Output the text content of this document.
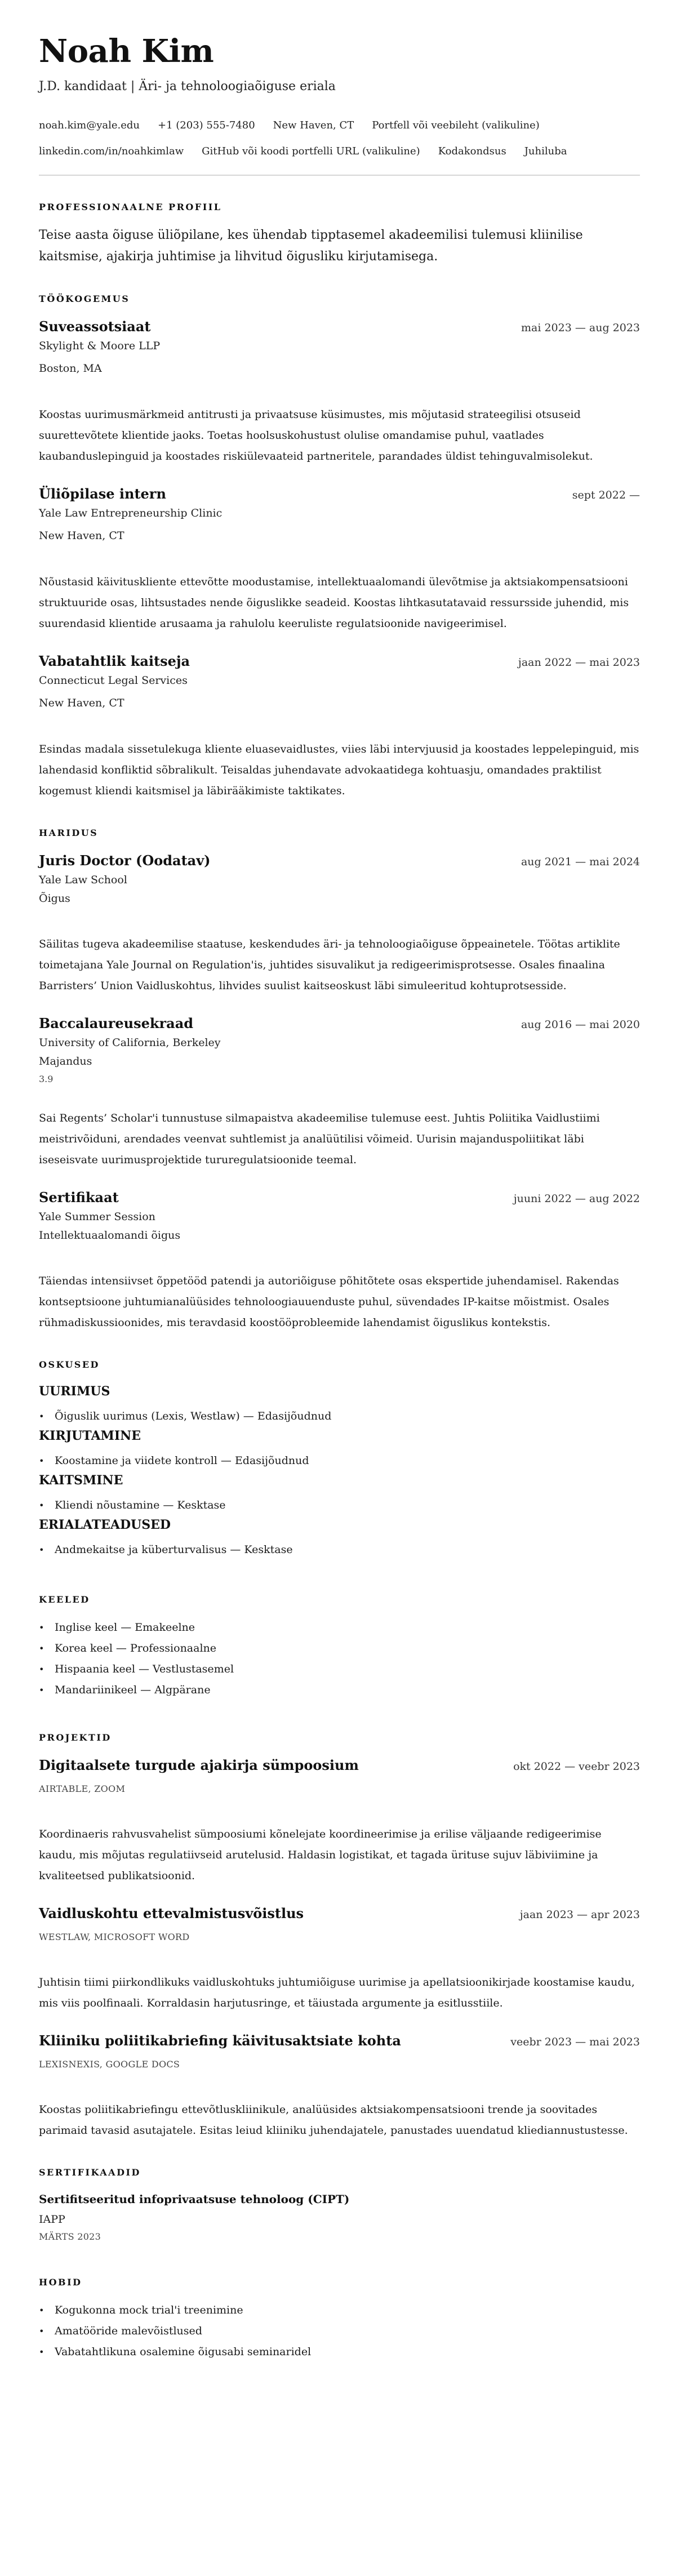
Noah Kim
J.D. kandidaat | Äri- ja tehnoloogiaõiguse eriala
noah.kim@yale.edu +1 (203) 555-7480 New Haven, CT Portfell või veebileht (valikuline)
linkedin.com/in/noahkimlaw GitHub või koodi portfelli URL (valikuline) Kodakondsus Juhiluba
PROFESSIONAALNE PROFIIL

Teise aasta õiguse üliõpilane, kes ühendab tipptasemel akadeemilisi tulemusi kliinilise kaitsmise, ajakirja juhtimise ja lihvitud õigusliku kirjutamisega.

TÖÖKOGEMUS
Suveassotsiaat	mai 2023 — aug 2023
Skylight & Moore LLP
Boston, MA

Koostas uurimusmärkmeid antitrusti ja privaatsuse küsimustes, mis mõjutasid strateegilisi otsuseid suurettevõtete klientide jaoks. Toetas hoolsuskohustust olulise omandamise puhul, vaatlades kaubanduslepinguid ja koostades riskiülevaateid partneritele, parandades üldist tehinguvalmisolekut.

Üliõpilase intern	sept 2022 —
Yale Law Entrepreneurship Clinic
New Haven, CT

Nõustasid käivituskliente ettevõtte moodustamise, intellektuaalomandi ülevõtmise ja aktsiakompensatsiooni struktuuride osas, lihtsustades nende õiguslikke seadeid. Koostas lihtkasutatavaid ressursside juhendid, mis suurendasid klientide arusaama ja rahulolu keeruliste regulatsioonide navigeerimisel.

Vabatahtlik kaitseja	jaan 2022 — mai 2023
Connecticut Legal Services
New Haven, CT

Esindas madala sissetulekuga kliente eluasevaidlustes, viies läbi intervjuusid ja koostades leppelepinguid, mis lahendasid konfliktid sõbralikult. Teisaldas juhendavate advokaatidega kohtuasju, omandades praktilist kogemust kliendi kaitsmisel ja läbirääkimiste taktikates.

HARIDUS
Juris Doctor (Oodatav)	aug 2021 — mai 2024
Yale Law School
Õigus

Säilitas tugeva akadeemilise staatuse, keskendudes äri- ja tehnoloogiaõiguse õppeainetele. Töötas artiklite toimetajana Yale Journal on Regulation'is, juhtides sisuvalikut ja redigeerimisprotsesse. Osales finaalina Barristers’ Union Vaidluskohtus, lihvides suulist kaitseoskust läbi simuleeritud kohtuprotsesside.

Baccalaureusekraad	aug 2016 — mai 2020
University of California, Berkeley
Majandus
3.9

Sai Regents’ Scholar'i tunnustuse silmapaistva akadeemilise tulemuse eest. Juhtis Poliitika Vaidlustiimi meistrivõiduni, arendades veenvat suhtlemist ja analüütilisi võimeid. Uurisin majanduspoliitikat läbi iseseisvate uurimusprojektide tururegulatsioonide teemal.

Sertifikaat	juuni 2022 — aug 2022
Yale Summer Session
Intellektuaalomandi õigus

Täiendas intensiivset õppetööd patendi ja autoriõiguse põhitõtete osas ekspertide juhendamisel. Rakendas kontseptsioone juhtumianalüüsides tehnoloogiauuenduste puhul, süvendades IP-kaitse mõistmist. Osales rühmadiskussioonides, mis teravdasid koostööprobleemide lahendamist õiguslikus kontekstis.

OSKUSED
UURIMUS
• Õiguslik uurimus (Lexis, Westlaw) — Edasijõudnud
KIRJUTAMINE
• Koostamine ja viidete kontroll — Edasijõudnud
KAITSMINE
• Kliendi nõustamine — Kesktase
ERIALATEADUSED
• Andmekaitse ja küberturvalisus — Kesktase
KEELED
• Inglise keel — Emakeelne
• Korea keel — Professionaalne
• Hispaania keel — Vestlustasemel
• Mandariinikeel — Algpärane
PROJEKTID
Digitaalsete turgude ajakirja sümpoosium	okt 2022 — veebr 2023
AIRTABLE, ZOOM

Koordinaeris rahvusvahelist sümpoosiumi kõnelejate koordineerimise ja erilise väljaande redigeerimise kaudu, mis mõjutas regulatiivseid arutelusid. Haldasin logistikat, et tagada ürituse sujuv läbiviimine ja kvaliteetsed publikatsioonid.

Vaidluskohtu ettevalmistusvõistlus	jaan 2023 — apr 2023
WESTLAW, MICROSOFT WORD

Juhtisin tiimi piirkondlikuks vaidluskohtuks juhtumiõiguse uurimise ja apellatsioonikirjade koostamise kaudu, mis viis poolfinaali. Korraldasin harjutusringe, et täiustada argumente ja esitlusstiile.

Kliiniku poliitikabriefing käivitusaktsiate kohta	veebr 2023 — mai 2023
LEXISNEXIS, GOOGLE DOCS

Koostas poliitikabriefingu ettevõtluskliinikule, analüüsides aktsiakompensatsiooni trende ja soovitades parimaid tavasid asutajatele. Esitas leiud kliiniku juhendajatele, panustades uuendatud kliediannustustesse.

SERTIFIKAADID
Sertifitseeritud infoprivaatsuse tehnoloog (CIPT)
IAPP
MÄRTS 2023
HOBID
• Kogukonna mock trial'i treenimine
• Amatööride malevõistlused
• Vabatahtlikuna osalemine õigusabi seminaridel
